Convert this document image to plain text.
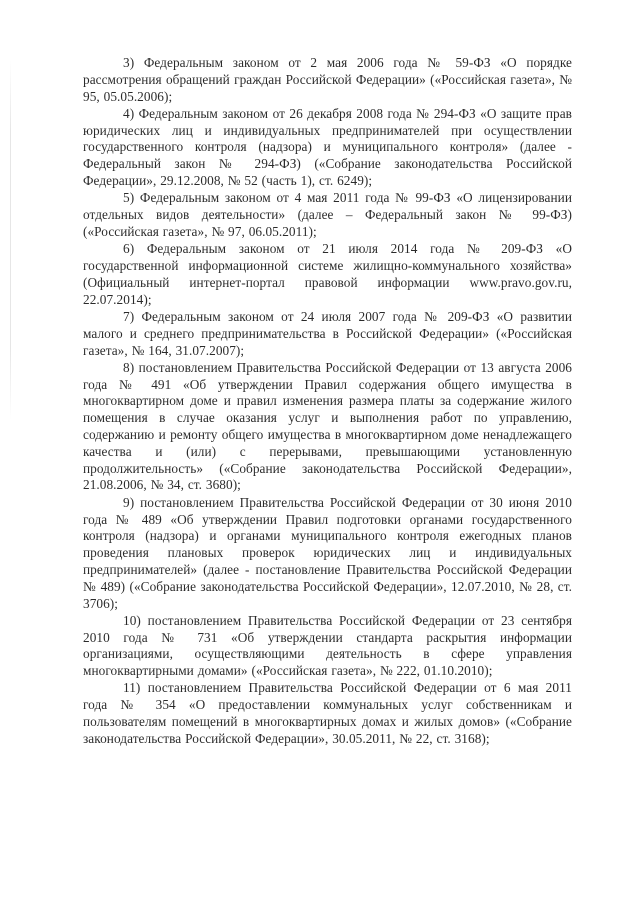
3) Федеральным законом от 2 мая 2006 года № 59-ФЗ «О порядке рассмотрения обращений граждан Российской Федерации» («Российская газета», № 95, 05.05.2006);

4) Федеральным законом от 26 декабря 2008 года № 294-ФЗ «О защите прав юридических лиц и индивидуальных предпринимателей при осуществлении государственного контроля (надзора) и муниципального контроля» (далее - Федеральный закон № 294-ФЗ) («Собрание законодательства Российской Федерации», 29.12.2008, № 52 (часть 1), ст. 6249);

5) Федеральным законом от 4 мая 2011 года № 99-ФЗ «О лицензировании отдельных видов деятельности» (далее – Федеральный закон № 99-ФЗ) («Российская газета», № 97, 06.05.2011);

6) Федеральным законом от 21 июля 2014 года № 209-ФЗ «О государственной информационной системе жилищно-коммунального хозяйства» (Официальный интернет-портал правовой информации www.pravo.gov.ru, 22.07.2014);

7) Федеральным законом от 24 июля 2007 года № 209-ФЗ «О развитии малого и среднего предпринимательства в Российской Федерации» («Российская газета», № 164, 31.07.2007);

8) постановлением Правительства Российской Федерации от 13 августа 2006 года № 491 «Об утверждении Правил содержания общего имущества в многоквартирном доме и правил изменения размера платы за содержание жилого помещения в случае оказания услуг и выполнения работ по управлению, содержанию и ремонту общего имущества в многоквартирном доме ненадлежащего качества и (или) с перерывами, превышающими установленную продолжительность» («Собрание законодательства Российской Федерации», 21.08.2006, № 34, ст. 3680);

9) постановлением Правительства Российской Федерации от 30 июня 2010 года № 489 «Об утверждении Правил подготовки органами государственного контроля (надзора) и органами муниципального контроля ежегодных планов проведения плановых проверок юридических лиц и индивидуальных предпринимателей» (далее - постановление Правительства Российской Федерации № 489) («Собрание законодательства Российской Федерации», 12.07.2010, № 28, ст. 3706);

10) постановлением Правительства Российской Федерации от 23 сентября 2010 года № 731 «Об утверждении стандарта раскрытия информации организациями, осуществляющими деятельность в сфере управления многоквартирными домами» («Российская газета», № 222, 01.10.2010);

11) постановлением Правительства Российской Федерации от 6 мая 2011 года № 354 «О предоставлении коммунальных услуг собственникам и пользователям помещений в многоквартирных домах и жилых домов» («Собрание законодательства Российской Федерации», 30.05.2011, № 22, ст. 3168);
